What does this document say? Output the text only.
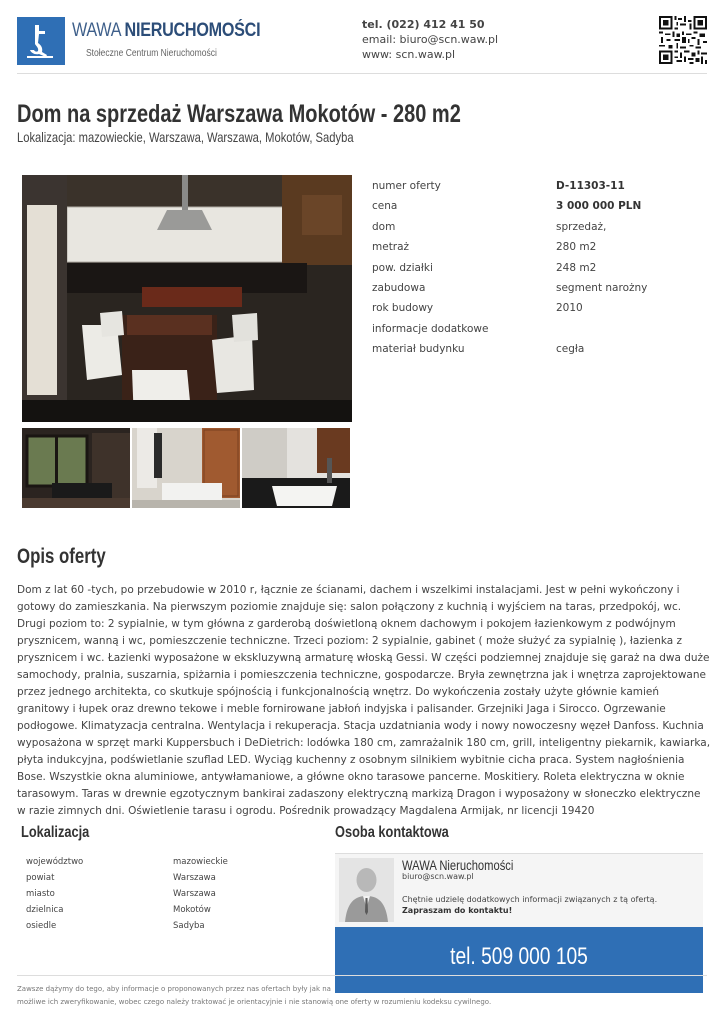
WAWA NIERUCHOMOŚCI
Stołeczne Centrum Nieruchomości
tel. (022) 412 41 50
email: biuro@scn.waw.pl
www: scn.waw.pl
Dom na sprzedaż Warszawa Mokotów - 280 m2
Lokalizacja: mazowieckie, Warszawa, Warszawa, Mokotów, Sadyba
numer oferty	D-11303-11
cena	3 000 000 PLN
dom	sprzedaż,
metraż	280 m2
pow. działki	248 m2
zabudowa	segment narożny
rok budowy	2010
informacje dodatkowe
materiał budynku	cegła
Opis oferty

Dom z lat 60 -tych, po przebudowie w 2010 r, łącznie ze ścianami, dachem i wszelkimi instalacjami. Jest w pełni wykończony i gotowy do zamieszkania. Na pierwszym poziomie znajduje się: salon połączony z kuchnią i wyjściem na taras, przedpokój, wc. Drugi poziom to: 2 sypialnie, w tym główna z garderobą doświetloną oknem dachowym i pokojem łazienkowym z podwójnym prysznicem, wanną i wc, pomieszczenie techniczne. Trzeci poziom: 2 sypialnie, gabinet ( może służyć za sypialnię ), łazienka z prysznicem i wc. Łazienki wyposażone w ekskluzywną armaturę włoską Gessi. W części podziemnej znajduje się garaż na dwa duże samochody, pralnia, suszarnia, spiżarnia i pomieszczenia techniczne, gospodarcze. Bryła zewnętrzna jak i wnętrza zaprojektowane przez jednego architekta, co skutkuje spójnością i funkcjonalnością wnętrz. Do wykończenia zostały użyte głównie kamień granitowy i łupek oraz drewno tekowe i meble fornirowane jabłoń indyjska i palisander. Grzejniki Jaga i Sirocco. Ogrzewanie podłogowe. Klimatyzacja centralna. Wentylacja i rekuperacja. Stacja uzdatniania wody i nowy nowoczesny węzeł Danfoss. Kuchnia wyposażona w sprzęt marki Kuppersbuch i DeDietrich: lodówka 180 cm, zamrażalnik 180 cm, grill, inteligentny piekarnik, kawiarka, płyta indukcyjna, podświetlanie szuflad LED. Wyciąg kuchenny z osobnym silnikiem wybitnie cicha praca. System nagłośnienia Bose. Wszystkie okna aluminiowe, antywłamaniowe, a główne okno tarasowe pancerne. Moskitiery. Roleta elektryczna w oknie tarasowym. Taras w drewnie egzotycznym bankirai zadaszony elektryczną markizą Dragon i wyposażony w słoneczko elektryczne w razie zimnych dni. Oświetlenie tarasu i ogrodu. Pośrednik prowadzący Magdalena Armijak, nr licencji 19420

Lokalizacja
województwo	mazowieckie
powiat	Warszawa
miasto	Warszawa
dzielnica	Mokotów
osiedle	Sadyba
Osoba kontaktowa
WAWA Nieruchomości
biuro@scn.waw.pl
Chętnie udzielę dodatkowych informacji związanych z tą ofertą.
Zapraszam do kontaktu!
tel. 509 000 105
Zawsze dążymy do tego, aby informacje o proponowanych przez nas ofertach były jak na
możliwe ich zweryfikowanie, wobec czego należy traktować je orientacyjnie i nie stanowią one oferty w rozumieniu kodeksu cywilnego.
